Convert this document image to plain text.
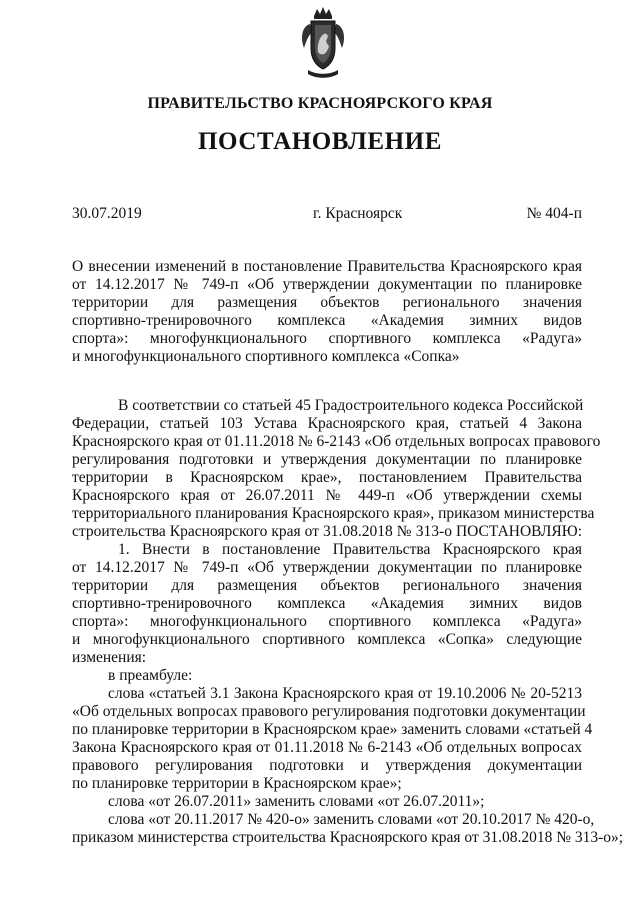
ПРАВИТЕЛЬСТВО КРАСНОЯРСКОГО КРАЯ
ПОСТАНОВЛЕНИЕ
30.07.2019	г. Красноярск	№ 404-п
О внесении изменений в постановление Правительства Красноярского края
от 14.12.2017 № 749-п «Об утверждении документации по планировке
территории для размещения объектов регионального значения
спортивно-тренировочного комплекса «Академия зимних видов
спорта»: многофункционального спортивного комплекса «Радуга»
и многофункционального спортивного комплекса «Сопка»
В соответствии со статьей 45 Градостроительного кодекса Российской
Федерации, статьей 103 Устава Красноярского края, статьей 4 Закона
Красноярского края от 01.11.2018 № 6-2143 «Об отдельных вопросах правового
регулирования подготовки и утверждения документации по планировке
территории в Красноярском крае», постановлением Правительства
Красноярского края от 26.07.2011 № 449-п «Об утверждении схемы
территориального планирования Красноярского края», приказом министерства
строительства Красноярского края от 31.08.2018 № 313-о ПОСТАНОВЛЯЮ:
1. Внести в постановление Правительства Красноярского края
от 14.12.2017 № 749-п «Об утверждении документации по планировке
территории для размещения объектов регионального значения
спортивно-тренировочного комплекса «Академия зимних видов
спорта»: многофункционального спортивного комплекса «Радуга»
и многофункционального спортивного комплекса «Сопка» следующие
изменения:
в преамбуле:
слова «статьей 3.1 Закона Красноярского края от 19.10.2006 № 20-5213
«Об отдельных вопросах правового регулирования подготовки документации
по планировке территории в Красноярском крае» заменить словами «статьей 4
Закона Красноярского края от 01.11.2018 № 6-2143 «Об отдельных вопросах
правового регулирования подготовки и утверждения документации
по планировке территории в Красноярском крае»;
слова «от 26.07.2011» заменить словами «от 26.07.2011»;
слова «от 20.11.2017 № 420-о» заменить словами «от 20.10.2017 № 420-о,
приказом министерства строительства Красноярского края от 31.08.2018 № 313-о»;
